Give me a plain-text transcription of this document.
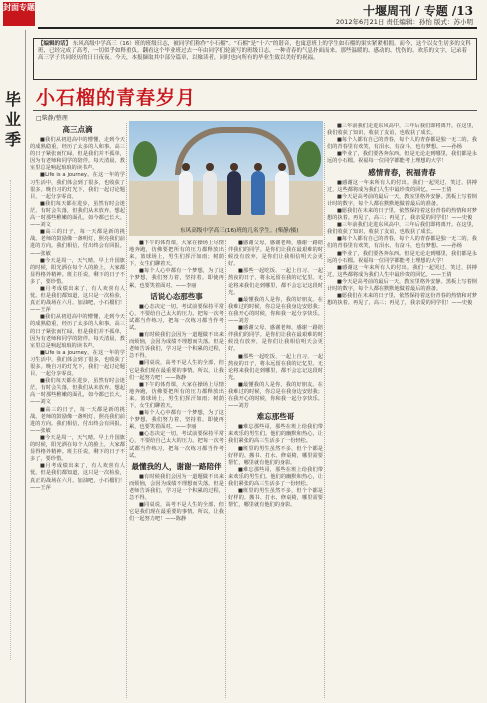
封面专题	十堰周刊 / 专题 /13
2012年6月21日 责任编辑：孙怡 版式：苏小明
毕业季
【编辑的话】 东风高级中学高三（16）班的班级日志，被同学们称作“小石榴”。“石榴”是“十六”的谐音，也寓意班上的学生如石榴的果实紧紧相拥。而今，这个以女生居多的文科班，已经完成了高考，一切似乎如释重负。翻看这个毕业班过去一年由同学们轮流写的班级日志，一种青春的气息扑面而来。那些温暖的、感动的、忧伤的、欢乐的文字，记录着高三学子共同经历的日日夜夜。今天，本报撷取其中部分篇章，以飨读者，同时也向所有的毕业生致以美好的祝福。
小石榴的青春岁月
□柴静/整理
东风高级中学高三(16)班的几名学生。(柴静/摄)
高三点滴

■我们从初进高中的懵懂，走到今天的成熟稳重，经历了太多的人和事。高三的日子紧张而忙碌，但是我们并不孤单，因为有老师和同学的陪伴。每天清晨，教室里总是响起琅琅的读书声。

■Life is a journey。在这一年的学习生活中，我们体会到了很多，也收获了很多。晚自习的灯光下，我们一起讨论题目，一起分享零食。

■我们每天都在进步，虽然有时会迷茫，有时会失落，但我们从未放弃。想起高一时那些稚嫩的面孔，如今都已长大。——刘文

■高三的日子，每一天都是新的挑战。老师的鼓励像一盏明灯，照亮我们前进的方向。我们相信，付出终会有回报。——张敏

■今天是周一，天气晴。早上升国旗的时候，阳光洒在每个人的脸上，大家都显得格外精神。班主任说，剩下的日子不多了，要珍惜。

■月考成绩出来了，有人欢喜有人忧。但是我们都知道，这只是一次检验，真正的战场在六月。加油吧，小石榴们！——王萍

■我们从初进高中的懵懂，走到今天的成熟稳重，经历了太多的人和事。高三的日子紧张而忙碌，但是我们并不孤单，因为有老师和同学的陪伴。每天清晨，教室里总是响起琅琅的读书声。

■Life is a journey。在这一年的学习生活中，我们体会到了很多，也收获了很多。晚自习的灯光下，我们一起讨论题目，一起分享零食。

■我们每天都在进步，虽然有时会迷茫，有时会失落，但我们从未放弃。想起高一时那些稚嫩的面孔，如今都已长大。——刘文

■高三的日子，每一天都是新的挑战。老师的鼓励像一盏明灯，照亮我们前进的方向。我们相信，付出终会有回报。——张敏

■今天是周一，天气晴。早上升国旗的时候，阳光洒在每个人的脸上，大家都显得格外精神。班主任说，剩下的日子不多了，要珍惜。

■月考成绩出来了，有人欢喜有人忧。但是我们都知道，这只是一次检验，真正的战场在六月。加油吧，小石榴们！——王萍

■下午的体育课，大家在操场上尽情地奔跑，仿佛要把所有的压力都释放出来。篮球场上，男生们挥汗如雨；树荫下，女生们聊着天。

■每个人心中都有一个梦想，为了这个梦想，我们努力着，坚持着。即使再累，也要笑着面对。——李丽

话说心态那些事

■心态决定一切。考试前要保持平常心，不要给自己太大的压力。把每一次考试都当作练习，把每一次练习都当作考试。

■有时候我们会因为一道题做不出来而烦恼，会因为成绩不理想而失落。但是老师告诉我们，学习是一个积累的过程，急不得。

■同桌说，高考不是人生的全部，但它是我们现在最重要的事情。所以，让我们一起努力吧！——陈静

■下午的体育课，大家在操场上尽情地奔跑，仿佛要把所有的压力都释放出来。篮球场上，男生们挥汗如雨；树荫下，女生们聊着天。

■每个人心中都有一个梦想，为了这个梦想，我们努力着，坚持着。即使再累，也要笑着面对。——李丽

■心态决定一切。考试前要保持平常心，不要给自己太大的压力。把每一次考试都当作练习，把每一次练习都当作考试。

最懂我的人，谢谢一路陪伴

■有时候我们会因为一道题做不出来而烦恼，会因为成绩不理想而失落。但是老师告诉我们，学习是一个积累的过程，急不得。

■同桌说，高考不是人生的全部，但它是我们现在最重要的事情。所以，让我们一起努力吧！——陈静

■感谢父母，感谢老师，感谢一路陪伴我们的同学。是你们让我在最艰难的时候没有放弃，是你们让我相信明天会更好。

■那些一起吃饭、一起上自习、一起熬夜的日子，将永远留在我的记忆里。无论将来我们走到哪里，都不会忘记这段时光。

■最懂我的人是你，我的好朋友。在我难过的时候，你总是在我身边安慰我；在我开心的时候，你和我一起分享快乐。——刘芳

■感谢父母，感谢老师，感谢一路陪伴我们的同学。是你们让我在最艰难的时候没有放弃，是你们让我相信明天会更好。

■那些一起吃饭、一起上自习、一起熬夜的日子，将永远留在我的记忆里。无论将来我们走到哪里，都不会忘记这段时光。

■最懂我的人是你，我的好朋友。在我难过的时候，你总是在我身边安慰我；在我开心的时候，你和我一起分享快乐。——刘芳

难忘那些哥

■难忘那些哥，那些在班上给我们带来欢乐的男生们。他们的幽默和热心，让我们紧张的高三生活多了一份轻松。

■班里的男生虽然不多，但个个都是好样的。搬书、打水、修桌椅，哪里需要帮忙，哪里就有他们的身影。

■难忘那些哥，那些在班上给我们带来欢乐的男生们。他们的幽默和热心，让我们紧张的高三生活多了一份轻松。

■班里的男生虽然不多，但个个都是好样的。搬书、打水、修桌椅，哪里需要帮忙，哪里就有他们的身影。

■三年前我们走进东风高中，三年后我们即将离开。在这里，我们收获了知识，收获了友谊，也收获了成长。

■每个人都有自己的青春，每个人的青春都是独一无二的。我们的青春里有欢笑，有泪水，有奋斗，也有梦想。——孙杨

■毕业了，我们要各奔东西。但是无论走到哪里，我们都是永远的小石榴。祝福每一位同学都能考上理想的大学！

感情青春，祝福青春

■感谢这一年来所有人的付出。我们一起哭过、笑过、拼搏过，这些都将成为我们人生中最珍贵的回忆。——王倩

■今天是高考前的最后一天，教室里格外安静。黑板上写着倒计时的数字，每个人都在默默地做着最后的准备。

■愿我们在未来的日子里，依然保持着这份青春的热情和对梦想的执着。再见了，高三；再见了，我亲爱的同学们！——史俊

■三年前我们走进东风高中，三年后我们即将离开。在这里，我们收获了知识，收获了友谊，也收获了成长。

■每个人都有自己的青春，每个人的青春都是独一无二的。我们的青春里有欢笑，有泪水，有奋斗，也有梦想。——孙杨

■毕业了，我们要各奔东西。但是无论走到哪里，我们都是永远的小石榴。祝福每一位同学都能考上理想的大学！

■感谢这一年来所有人的付出。我们一起哭过、笑过、拼搏过，这些都将成为我们人生中最珍贵的回忆。——王倩

■今天是高考前的最后一天，教室里格外安静。黑板上写着倒计时的数字，每个人都在默默地做着最后的准备。

■愿我们在未来的日子里，依然保持着这份青春的热情和对梦想的执着。再见了，高三；再见了，我亲爱的同学们！——史俊
